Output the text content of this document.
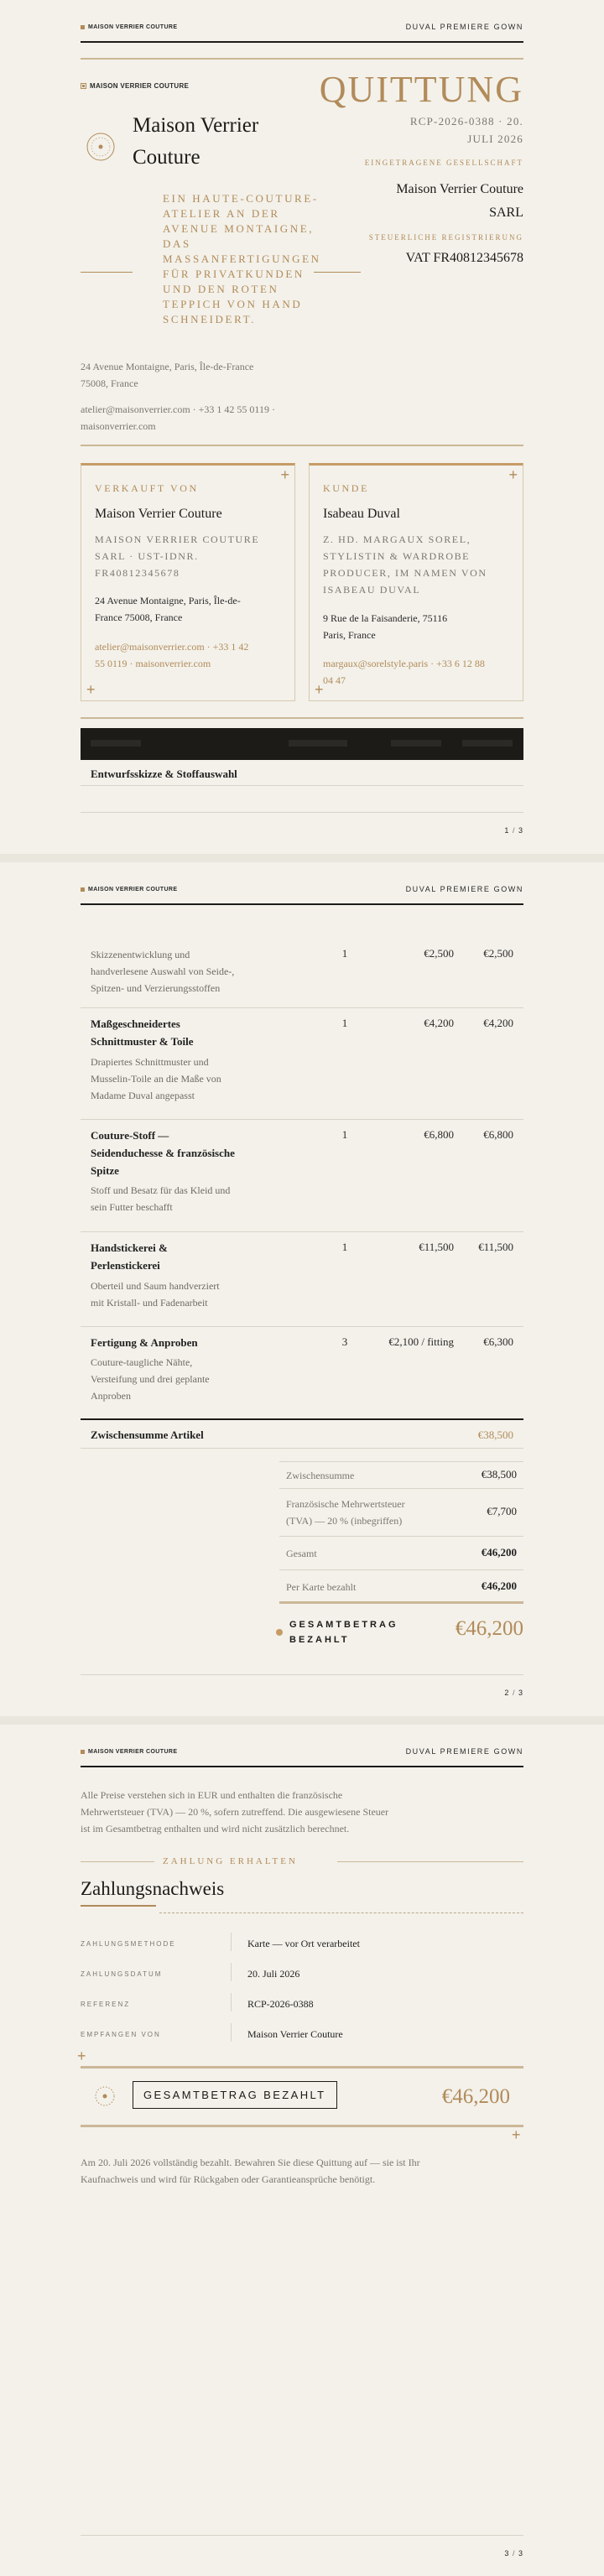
MAISON VERRIER COUTURE	DUVAL PREMIERE GOWN
MAISON VERRIER COUTURE
Maison Verrier
Couture
EIN HAUTE-COUTURE-ATELIER AN DER AVENUE MONTAIGNE, DAS MASSANFERTIGUNGEN FÜR PRIVATKUNDEN UND DEN ROTEN TEPPICH VON HAND SCHNEIDERT.
24 Avenue Montaigne, Paris, Île-de-France
75008, France
atelier@maisonverrier.com · +33 1 42 55 0119 ·
maisonverrier.com
QUITTUNG
RCP-2026-0388 · 20.
JULI 2026
EINGETRAGENE GESELLSCHAFT
Maison Verrier Couture
SARL
STEUERLICHE REGISTRIERUNG
VAT FR40812345678
+
+
VERKAUFT VON
Maison Verrier Couture
MAISON VERRIER COUTURE
SARL · UST-IDNR.
FR40812345678
24 Avenue Montaigne, Paris, Île-de-
France 75008, France
atelier@maisonverrier.com · +33 1 42
55 0119 · maisonverrier.com
+
+
KUNDE
Isabeau Duval
Z. HD. MARGAUX SOREL,
STYLISTIN & WARDROBE
PRODUCER, IM NAMEN VON
ISABEAU DUVAL
9 Rue de la Faisanderie, 75116
Paris, France
margaux@sorelstyle.paris · +33 6 12 88
04 47
Entwurfsskizze & Stoffauswahl
1 / 3
MAISON VERRIER COUTURE	DUVAL PREMIERE GOWN
Skizzenentwicklung und
handverlesene Auswahl von Seide-,
Spitzen- und Verzierungsstoffen
1	€2,500	€2,500
Maßgeschneidertes
Schnittmuster & Toile
Drapiertes Schnittmuster und
Musselin-Toile an die Maße von
Madame Duval angepasst
1	€4,200	€4,200
Couture-Stoff —
Seidenduchesse & französische
Spitze
Stoff und Besatz für das Kleid und
sein Futter beschafft
1	€6,800	€6,800
Handstickerei &
Perlenstickerei
Oberteil und Saum handverziert
mit Kristall- und Fadenarbeit
1	€11,500	€11,500
Fertigung & Anproben
Couture-taugliche Nähte,
Versteifung und drei geplante
Anproben
3	€2,100 / fitting	€6,300
Zwischensumme Artikel	€38,500
Zwischensumme	€38,500
Französische Mehrwertsteuer
(TVA) — 20 % (inbegriffen)
€7,700
Gesamt	€46,200
Per Karte bezahlt	€46,200
GESAMTBETRAG
BEZAHLT	€46,200
2 / 3
MAISON VERRIER COUTURE	DUVAL PREMIERE GOWN
Alle Preise verstehen sich in EUR und enthalten die französische
Mehrwertsteuer (TVA) — 20 %, sofern zutreffend. Die ausgewiesene Steuer
ist im Gesamtbetrag enthalten und wird nicht zusätzlich berechnet.
ZAHLUNG ERHALTEN
Zahlungsnachweis
ZAHLUNGSMETHODE	Karte — vor Ort verarbeitet
ZAHLUNGSDATUM	20. Juli 2026
REFERENZ	RCP-2026-0388
EMPFANGEN VON	Maison Verrier Couture
+
GESAMTBETRAG BEZAHLT	€46,200
+
Am 20. Juli 2026 vollständig bezahlt. Bewahren Sie diese Quittung auf — sie ist Ihr
Kaufnachweis und wird für Rückgaben oder Garantieansprüche benötigt.
3 / 3
